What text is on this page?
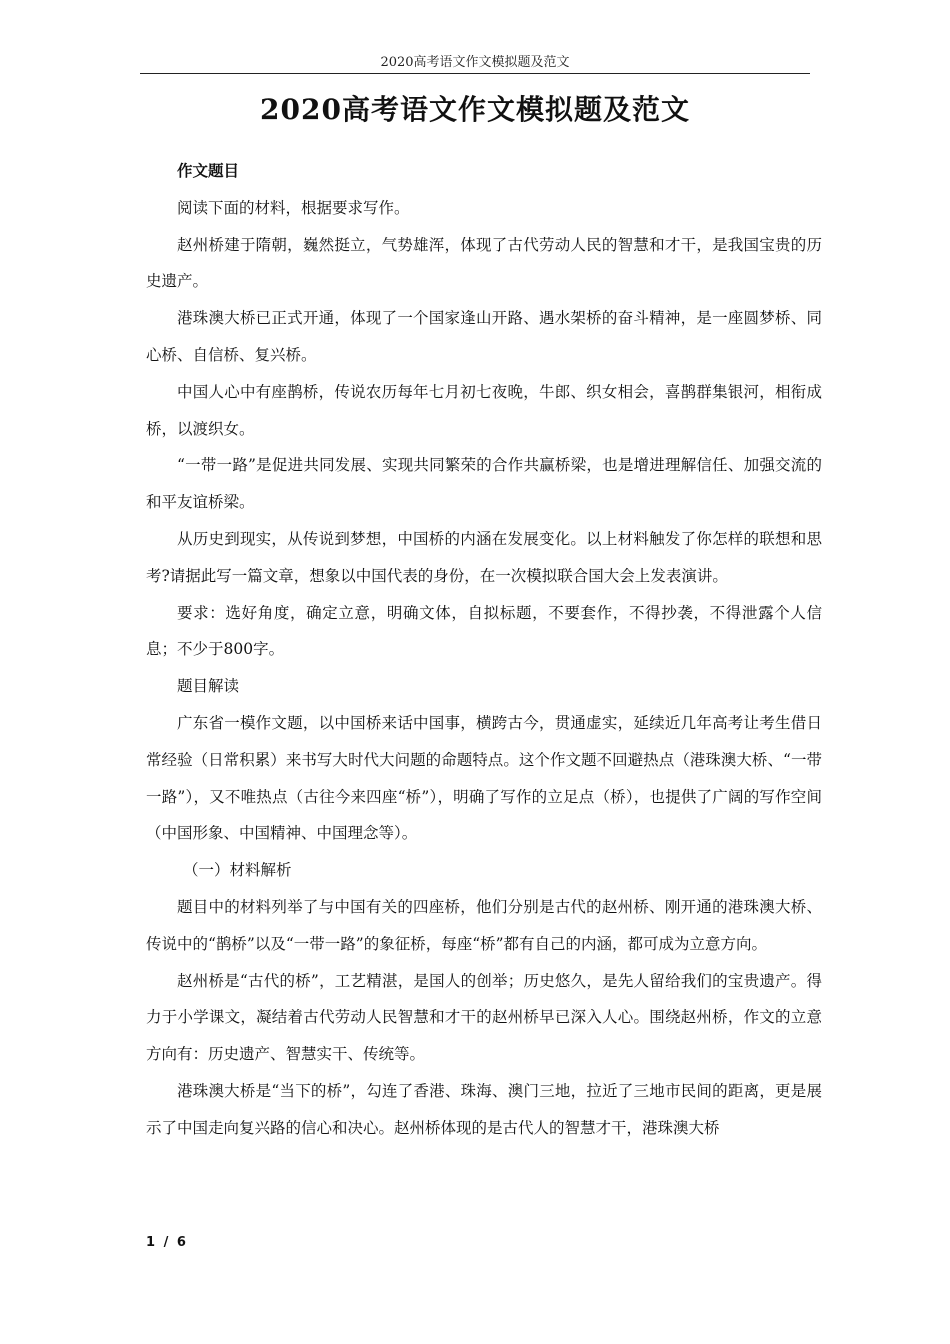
2020高考语文作文模拟题及范文
2020高考语文作文模拟题及范文

作文题目

阅读下面的材料，根据要求写作。

赵州桥建于隋朝，巍然挺立，气势雄浑，体现了古代劳动人民的智慧和才干，是我国宝贵的历史遗产。

港珠澳大桥已正式开通，体现了一个国家逢山开路、遇水架桥的奋斗精神，是一座圆梦桥、同心桥、自信桥、复兴桥。

中国人心中有座鹊桥，传说农历每年七月初七夜晚，牛郎、织女相会，喜鹊群集银河，相衔成桥，以渡织女。

“一带一路”是促进共同发展、实现共同繁荣的合作共赢桥梁，也是增进理解信任、加强交流的和平友谊桥梁。

从历史到现实，从传说到梦想，中国桥的内涵在发展变化。以上材料触发了你怎样的联想和思考?请据此写一篇文章，想象以中国代表的身份，在一次模拟联合国大会上发表演讲。

要求：选好角度，确定立意，明确文体，自拟标题，不要套作，不得抄袭，不得泄露个人信息；不少于800字。

题目解读

广东省一模作文题，以中国桥来话中国事，横跨古今，贯通虚实，延续近几年高考让考生借日常经验（日常积累）来书写大时代大问题的命题特点。这个作文题不回避热点（港珠澳大桥、“一带一路”），又不唯热点（古往今来四座“桥”），明确了写作的立足点（桥），也提供了广阔的写作空间（中国形象、中国精神、中国理念等）。

（一）材料解析

题目中的材料列举了与中国有关的四座桥，他们分别是古代的赵州桥、刚开通的港珠澳大桥、传说中的“鹊桥”以及“一带一路”的象征桥，每座“桥”都有自己的内涵，都可成为立意方向。

赵州桥是“古代的桥”，工艺精湛，是国人的创举；历史悠久，是先人留给我们的宝贵遗产。得力于小学课文，凝结着古代劳动人民智慧和才干的赵州桥早已深入人心。围绕赵州桥，作文的立意方向有：历史遗产、智慧实干、传统等。

港珠澳大桥是“当下的桥”，勾连了香港、珠海、澳门三地，拉近了三地市民间的距离，更是展示了中国走向复兴路的信心和决心。赵州桥体现的是古代人的智慧才干，港珠澳大桥

1 / 6
